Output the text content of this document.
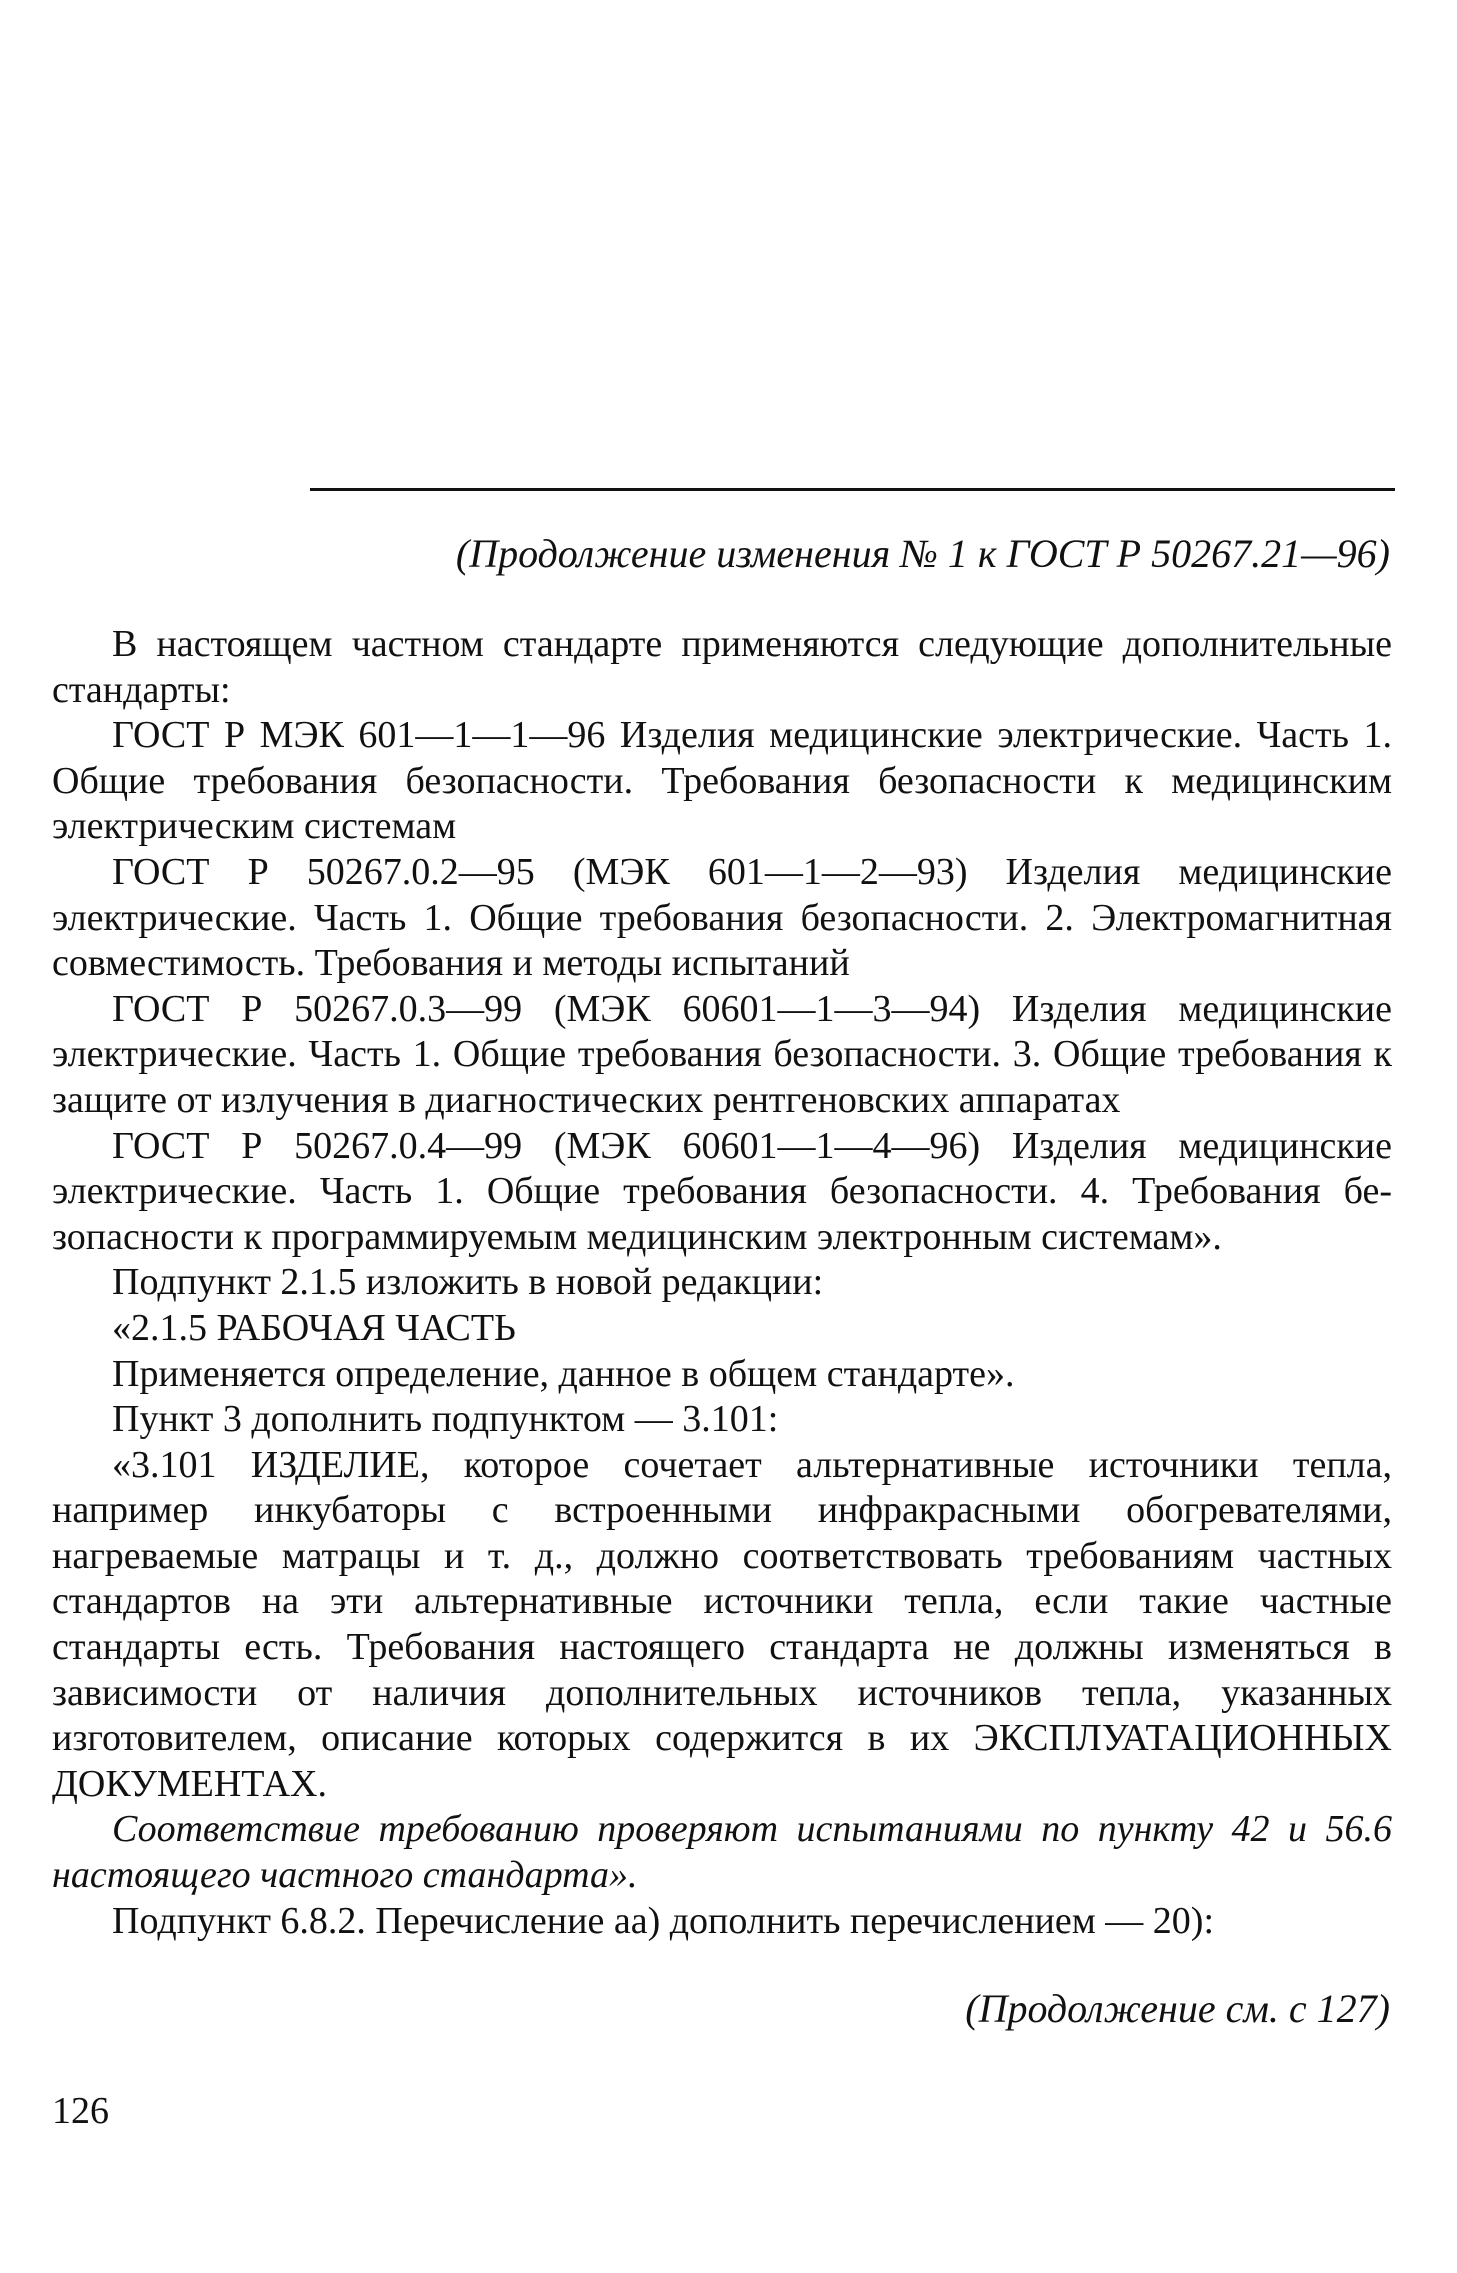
(Продолжение изменения № 1 к ГОСТ Р 50267.21—96)

В настоящем частном стандарте применяются следующие дополнительные стандарты:

ГОСТ Р МЭК 601—1—1—96 Изделия медицинские электрические. Часть 1. Общие требования безопасности. Требования безопасности к медицинским электрическим системам

ГОСТ Р 50267.0.2—95 (МЭК 601—1—2—93) Изделия медицинские электрические. Часть 1. Общие требования безопасности. 2. Электромагнитная совместимость. Требования и методы испытаний

ГОСТ Р 50267.0.3—99 (МЭК 60601—1—3—94) Изделия медицинские электрические. Часть 1. Общие требования безопасности. 3. Общие требования к защите от излучения в диагностических рентгеновских аппаратах

ГОСТ Р 50267.0.4—99 (МЭК 60601—1—4—96) Изделия медицинские электрические. Часть 1. Общие требования безопасности. 4. Требования безопасности к программируемым медицинским электронным системам».

Подпункт 2.1.5 изложить в новой редакции:

«2.1.5 РАБОЧАЯ ЧАСТЬ

Применяется определение, данное в общем стандарте».

Пункт 3 дополнить подпунктом — 3.101:

«3.101 ИЗДЕЛИЕ, которое сочетает альтернативные источники тепла, например инкубаторы с встроенными инфракрасными обогревателями, нагреваемые матрацы и т. д., должно соответствовать требованиям частных стандартов на эти альтернативные источники тепла, если такие частные стандарты есть. Требования настоящего стандарта не должны изменяться в зависимости от наличия дополнительных источников тепла, указанных изготовителем, описание которых содержится в их ЭКСПЛУАТАЦИОННЫХ ДОКУМЕНТАХ.

Соответствие требованию проверяют испытаниями по пункту 42 и 56.6 настоящего частного стандарта».

Подпункт 6.8.2. Перечисление аа) дополнить перечислением — 20):

(Продолжение см. с 127)
126
